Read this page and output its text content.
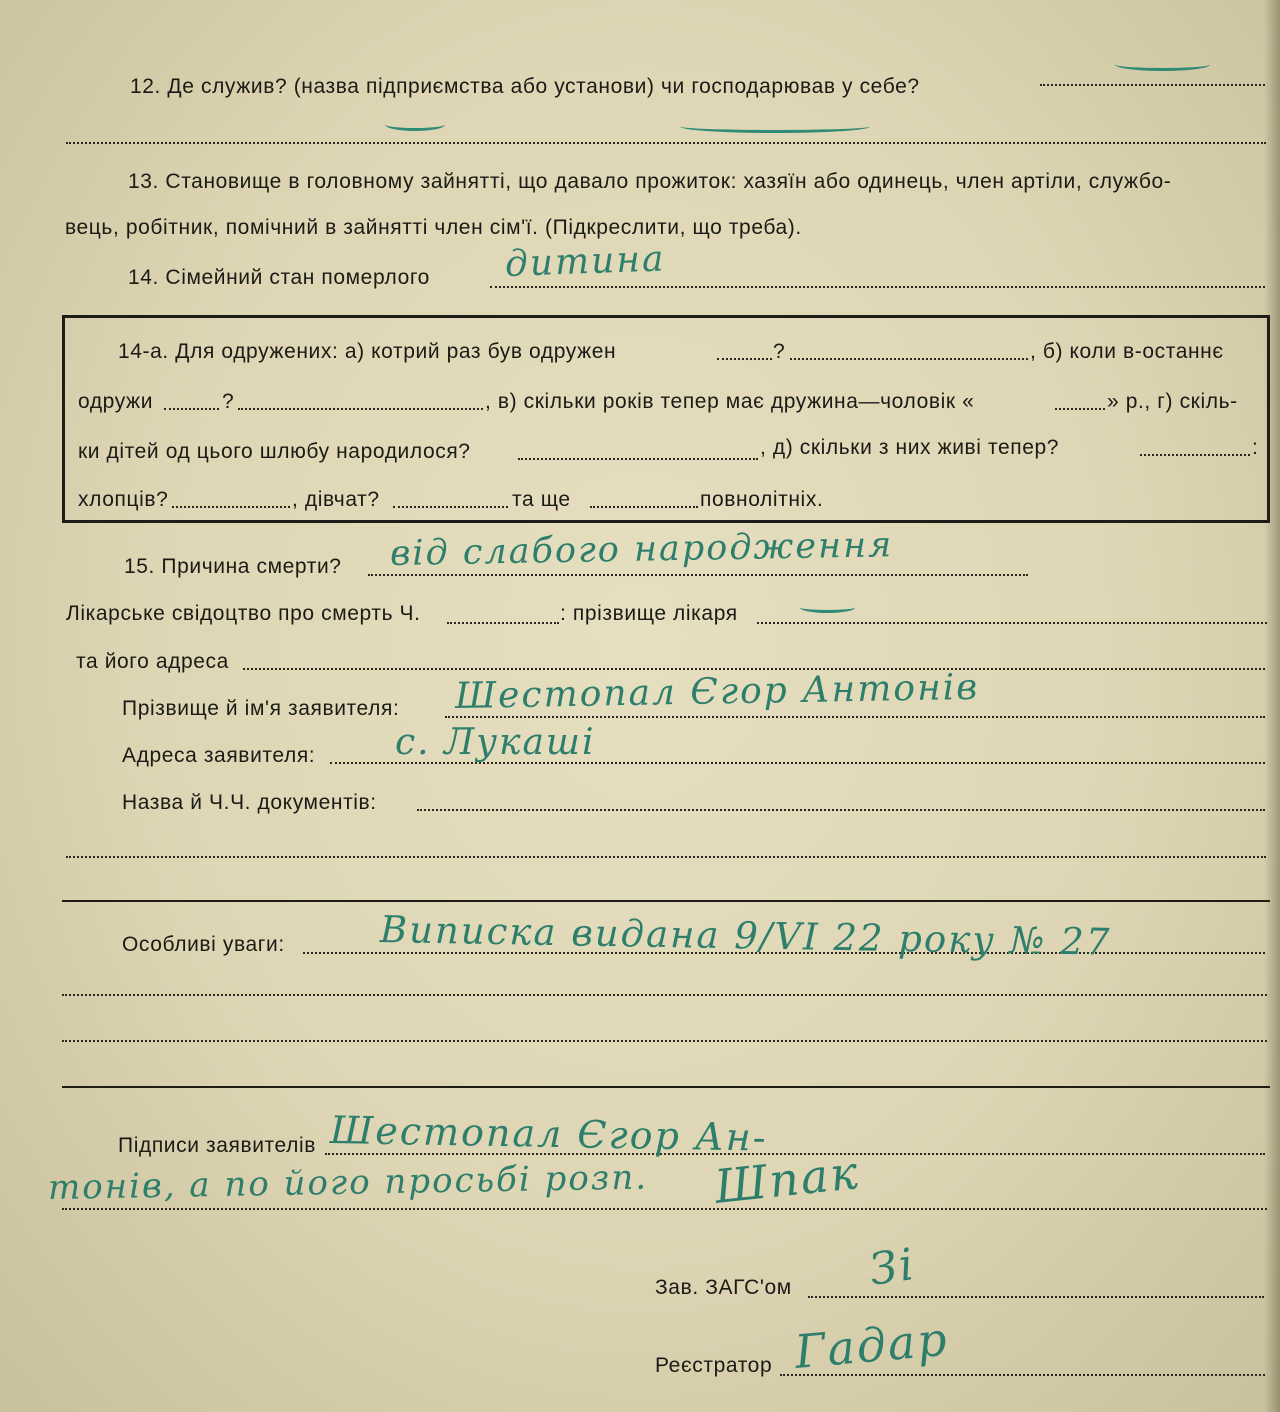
12. Де служив? (назва підприємства або установи) чи господарював у себе?
13. Становище в головному зайнятті, що давало прожиток: хазяїн або одинець, член артіли, службо-
вець, робітник, помічний в зайнятті член сім'ї. (Підкреслити, що треба).
14. Сімейний стан померлого дитина
14-а. Для одружених: а) котрий раз був одружен	?	, б) коли в-останнє
одружи	?	, в) скільки років тепер має дружина—чоловік «	» р., г) скіль-
ки дітей од цього шлюбу народилося?	, д) скільки з них живі тепер?	:
хлопців?	, дівчат?	та ще	повнолітніх.
15. Причина смерти? від слабого народження
Лікарське свідоцтво про смерть Ч.	: прізвище лікаря
та його адреса
Прізвище й ім'я заявителя: Шестопал Єгор Антонів
Адреса заявителя: с. Лукашi
Назва й Ч.Ч. документів:
Особливі уваги:	Виписка видана 9/VI 22 року № 27
Підписи заявителів Шестопал Єгор Ан-
тонів, а по його просьбі розп. Шпак
Зав. ЗАГС'ом Зі
Реєстратор Гадар
